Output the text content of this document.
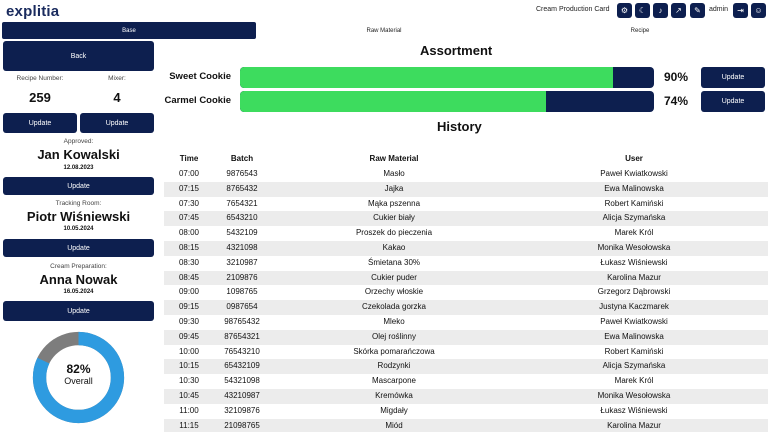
explitia	Cream Production Card	⚙	☾	♪	↗	✎	admin	⇥	☺
Base	Raw Material	Recipe
Back
Recipe Number:	Mixer:
259	4
Update	Update
Approved:
Jan Kowalski
12.08.2023
Update
Tracking Room:
Piotr Wiśniewski
10.05.2024
Update
Cream Preparation:
Anna Nowak
16.05.2024
Update
82%
Overall
Assortment
Sweet Cookie	90%	Update
Carmel Cookie	74%	Update
History
Time	Batch	Raw Material	User
07:00	9876543	Masło	Paweł Kwiatkowski
07:15	8765432	Jajka	Ewa Malinowska
07:30	7654321	Mąka pszenna	Robert Kamiński
07:45	6543210	Cukier biały	Alicja Szymańska
08:00	5432109	Proszek do pieczenia	Marek Król
08:15	4321098	Kakao	Monika Wesołowska
08:30	3210987	Śmietana 30%	Łukasz Wiśniewski
08:45	2109876	Cukier puder	Karolina Mazur
09:00	1098765	Orzechy włoskie	Grzegorz Dąbrowski
09:15	0987654	Czekolada gorzka	Justyna Kaczmarek
09:30	98765432	Mleko	Paweł Kwiatkowski
09:45	87654321	Olej roślinny	Ewa Malinowska
10:00	76543210	Skórka pomarańczowa	Robert Kamiński
10:15	65432109	Rodzynki	Alicja Szymańska
10:30	54321098	Mascarpone	Marek Król
10:45	43210987	Kremówka	Monika Wesołowska
11:00	32109876	Migdały	Łukasz Wiśniewski
11:15	21098765	Miód	Karolina Mazur
